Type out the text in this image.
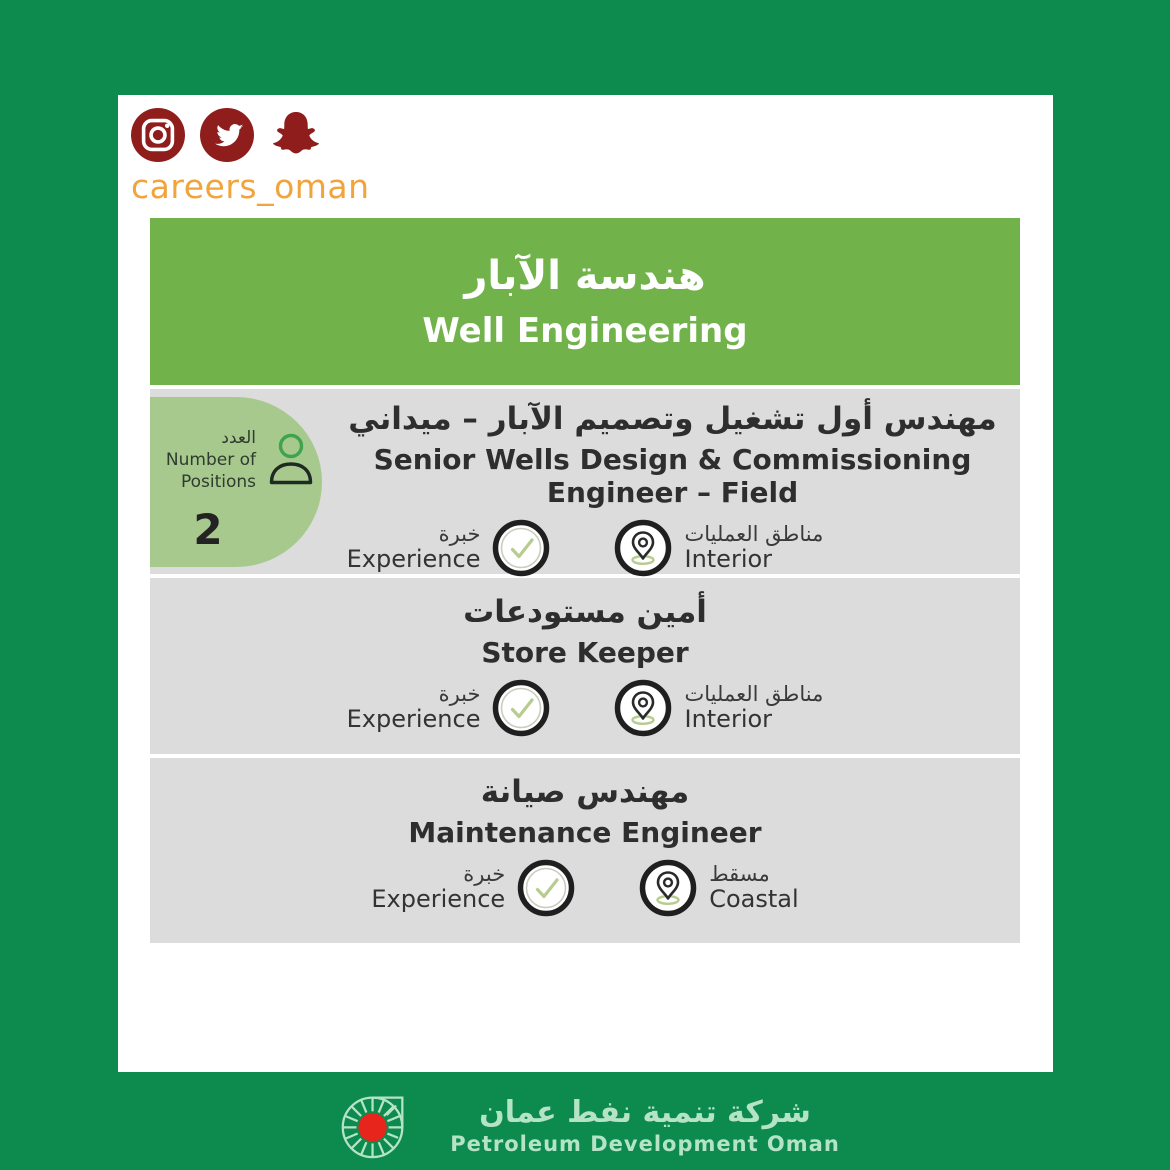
careers_oman
هندسة الآبار
Well Engineering
العدد
Number of
Positions
2
مهندس أول تشغيل وتصميم الآبار – ميداني
Senior Wells Design & Commissioning Engineer – Field
خبرة
Experience
مناطق العمليات
Interior
أمين مستودعات
Store Keeper
خبرة
Experience
مناطق العمليات
Interior
مهندس صيانة
Maintenance Engineer
خبرة
Experience
مسقط
Coastal
شركة تنمية نفط عمان
Petroleum Development Oman
